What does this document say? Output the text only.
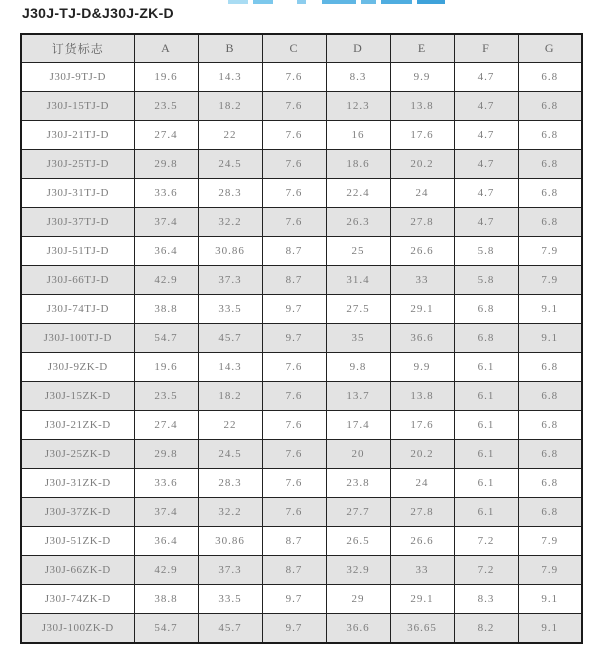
J30J-TJ-D&J30J-ZK-D
订货标志	A	B	C	D	E	F	G
J30J-9TJ-D	19.6	14.3	7.6	8.3	9.9	4.7	6.8
J30J-15TJ-D	23.5	18.2	7.6	12.3	13.8	4.7	6.8
J30J-21TJ-D	27.4	22	7.6	16	17.6	4.7	6.8
J30J-25TJ-D	29.8	24.5	7.6	18.6	20.2	4.7	6.8
J30J-31TJ-D	33.6	28.3	7.6	22.4	24	4.7	6.8
J30J-37TJ-D	37.4	32.2	7.6	26.3	27.8	4.7	6.8
J30J-51TJ-D	36.4	30.86	8.7	25	26.6	5.8	7.9
J30J-66TJ-D	42.9	37.3	8.7	31.4	33	5.8	7.9
J30J-74TJ-D	38.8	33.5	9.7	27.5	29.1	6.8	9.1
J30J-100TJ-D	54.7	45.7	9.7	35	36.6	6.8	9.1
J30J-9ZK-D	19.6	14.3	7.6	9.8	9.9	6.1	6.8
J30J-15ZK-D	23.5	18.2	7.6	13.7	13.8	6.1	6.8
J30J-21ZK-D	27.4	22	7.6	17.4	17.6	6.1	6.8
J30J-25ZK-D	29.8	24.5	7.6	20	20.2	6.1	6.8
J30J-31ZK-D	33.6	28.3	7.6	23.8	24	6.1	6.8
J30J-37ZK-D	37.4	32.2	7.6	27.7	27.8	6.1	6.8
J30J-51ZK-D	36.4	30.86	8.7	26.5	26.6	7.2	7.9
J30J-66ZK-D	42.9	37.3	8.7	32.9	33	7.2	7.9
J30J-74ZK-D	38.8	33.5	9.7	29	29.1	8.3	9.1
J30J-100ZK-D	54.7	45.7	9.7	36.6	36.65	8.2	9.1
